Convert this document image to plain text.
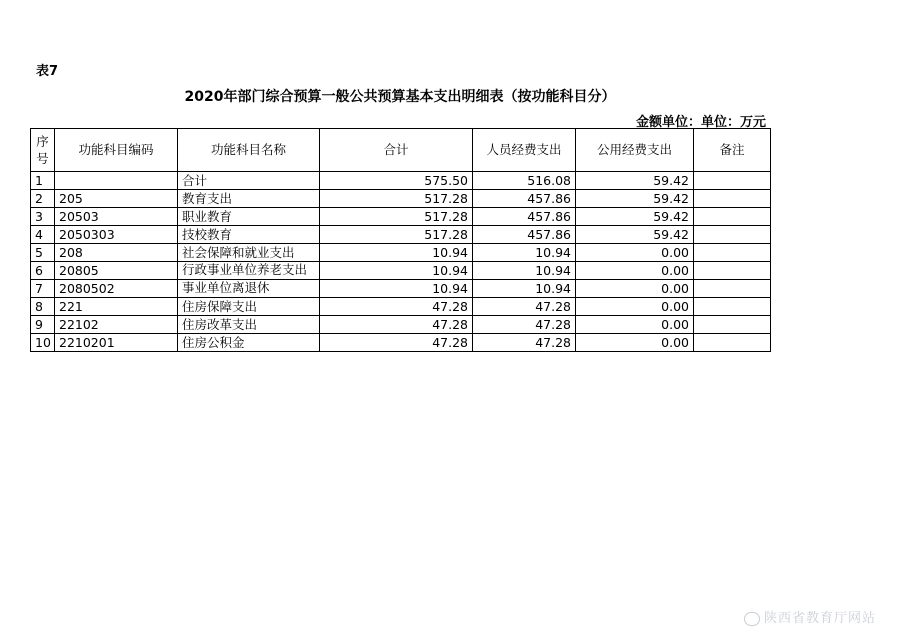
表7
2020年部门综合预算一般公共预算基本支出明细表（按功能科目分）
金额单位：单位：万元
序号	功能科目编码	功能科目名称	合计	人员经费支出	公用经费支出	备注
1		合计	575.50	516.08	59.42	
2	205	教育支出	517.28	457.86	59.42	
3	20503	职业教育	517.28	457.86	59.42	
4	2050303	技校教育	517.28	457.86	59.42	
5	208	社会保障和就业支出	10.94	10.94	0.00	
6	20805	行政事业单位养老支出	10.94	10.94	0.00	
7	2080502	事业单位离退休	10.94	10.94	0.00	
8	221	住房保障支出	47.28	47.28	0.00	
9	22102	住房改革支出	47.28	47.28	0.00	
10	2210201	住房公积金	47.28	47.28	0.00	
陕西省教育厅网站
